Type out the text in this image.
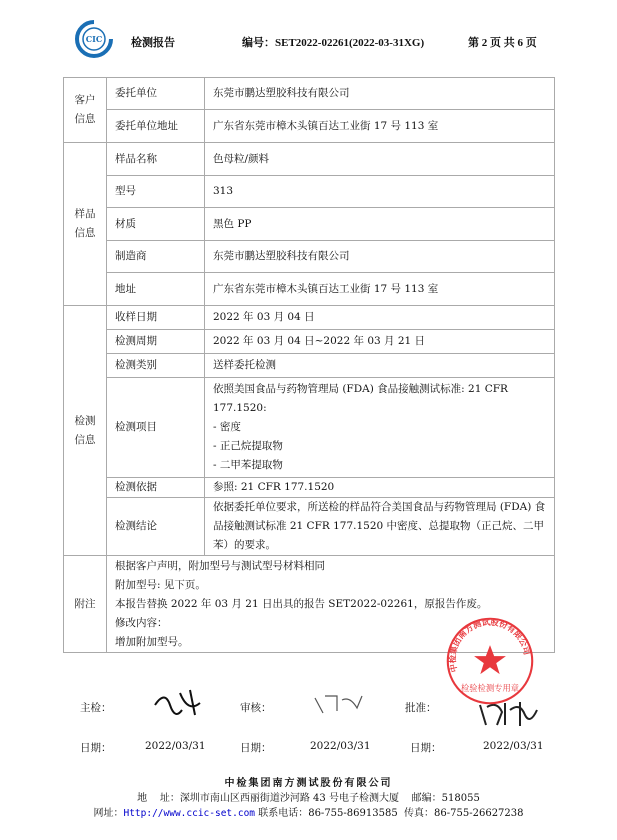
CIC	检测报告	编号：SET2022-02261(2022-03-31XG)	第 2 页 共 6 页
客户信息	委托单位	东莞市鹏达塑胶科技有限公司
	委托单位地址	广东省东莞市樟木头镇百达工业街 17 号 113 室
样品信息	样品名称	色母粒/颜料
	型号	313
	材质	黑色 PP
	制造商	东莞市鹏达塑胶科技有限公司
	地址	广东省东莞市樟木头镇百达工业街 17 号 113 室
检测信息	收样日期	2022 年 03 月 04 日
	检测周期	2022 年 03 月 04 日~2022 年 03 月 21 日
	检测类别	送样委托检测
	检测项目	依照美国食品与药物管理局 (FDA) 食品接触测试标准: 21 CFR 177.1520:
- 密度
- 正己烷提取物
- 二甲苯提取物

	检测依据	参照: 21 CFR 177.1520
	检测结论	依据委托单位要求，所送检的样品符合美国食品与药物管理局 (FDA) 食品接触测试标准 21 CFR 177.1520 中密度、总提取物（正己烷、二甲苯）的要求。
附注	根据客户声明，附加型号与测试型号材料相同
附加型号: 见下页。
本报告替换 2022 年 03 月 21 日出具的报告 SET2022-02261，原报告作废。
修改内容：
增加附加型号。	
主检：	审核：	批准：
中检集团南方测试股份有限公司
检验检测专用章
日期：	2022/03/31	日期：	2022/03/31	日期：	2022/03/31
中检集团南方测试股份有限公司
地    址：深圳市南山区西丽街道沙河路 43 号电子检测大厦    邮编：518055
网址：Http://www.ccic-set.com 联系电话：86-755-86913585  传真：86-755-26627238
